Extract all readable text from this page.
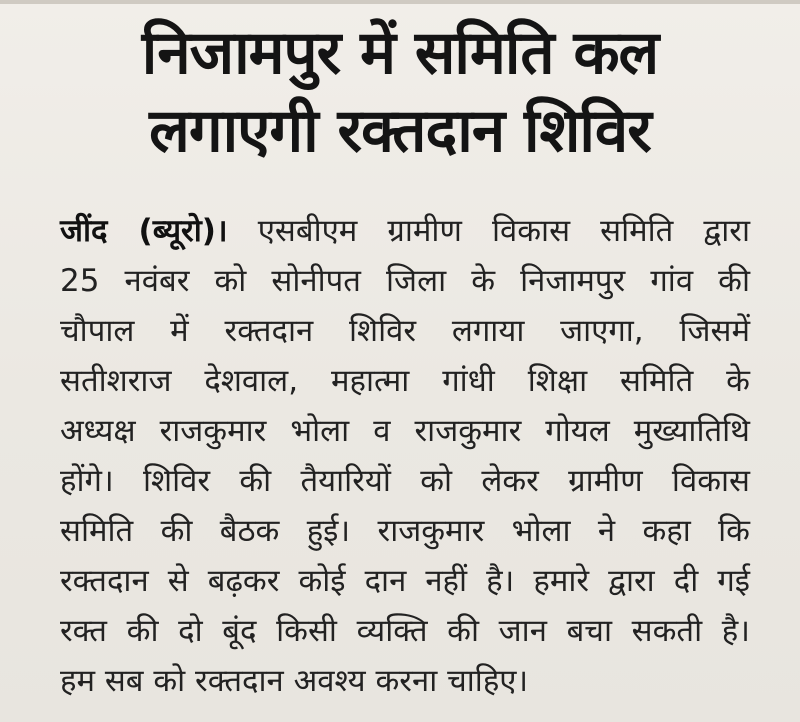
निजामपुर में समिति कल
लगाएगी रक्तदान शिविर
जींद (ब्यूरो)। एसबीएम ग्रामीण विकास समिति द्वारा
25 नवंबर को सोनीपत जिला के निजामपुर गांव की
चौपाल में रक्तदान शिविर लगाया जाएगा, जिसमें
सतीशराज देशवाल, महात्मा गांधी शिक्षा समिति के
अध्यक्ष राजकुमार भोला व राजकुमार गोयल मुख्यातिथि
होंगे। शिविर की तैयारियों को लेकर ग्रामीण विकास
समिति की बैठक हुई। राजकुमार भोला ने कहा कि
रक्तदान से बढ़कर कोई दान नहीं है। हमारे द्वारा दी गई
रक्त की दो बूंद किसी व्यक्ति की जान बचा सकती है।
हम सब को रक्तदान अवश्य करना चाहिए।
